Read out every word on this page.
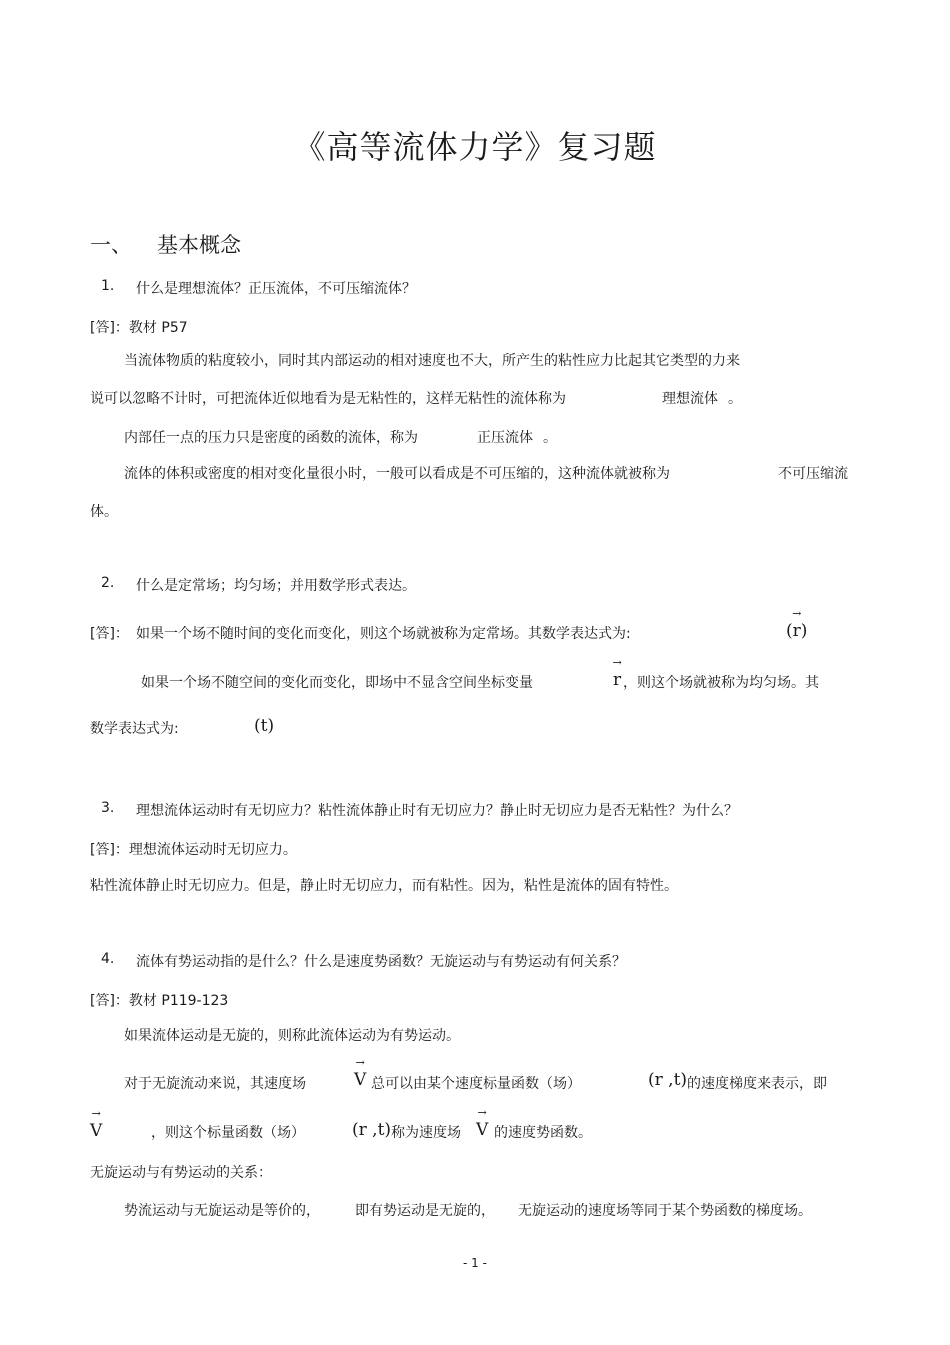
《高等流体力学》复习题
一、 基本概念
1. 什么是理想流体？正压流体，不可压缩流体？
[答]：教材 P57
当流体物质的粘度较小，同时其内部运动的相对速度也不大，所产生的粘性应力比起其它类型的力来
说可以忽略不计时，可把流体近似地看为是无粘性的，这样无粘性的流体称为	理想流体 。
内部任一点的压力只是密度的函数的流体，称为	正压流体 。
流体的体积或密度的相对变化量很小时，一般可以看成是不可压缩的，这种流体就被称为	不可压缩流
体。
2. 什么是定常场；均匀场；并用数学形式表达。
[答]： 如果一个场不随时间的变化而变化，则这个场就被称为定常场。其数学表达式为:	(→ r)
如果一个场不随空间的变化而变化，即场中不显含空间坐标变量	→ r ，则这个场就被称为均匀场。其
数学表达式为:	(t)
3. 理想流体运动时有无切应力？粘性流体静止时有无切应力？静止时无切应力是否无粘性？为什么？
[答]：理想流体运动时无切应力。
粘性流体静止时无切应力。但是，静止时无切应力，而有粘性。因为，粘性是流体的固有特性。
4. 流体有势运动指的是什么？什么是速度势函数？无旋运动与有势运动有何关系？
[答]：教材 P119-123
如果流体运动是无旋的，则称此流体运动为有势运动。
对于无旋流动来说，其速度场	→ V 总可以由某个速度标量函数（场）	(r ,t) 的速度梯度来表示，即
→ V	，则这个标量函数（场）	(r ,t) 称为速度场 → V 的速度势函数。
无旋运动与有势运动的关系：
势流运动与无旋运动是等价的，	即有势运动是无旋的， 无旋运动的速度场等同于某个势函数的梯度场。
- 1 -
